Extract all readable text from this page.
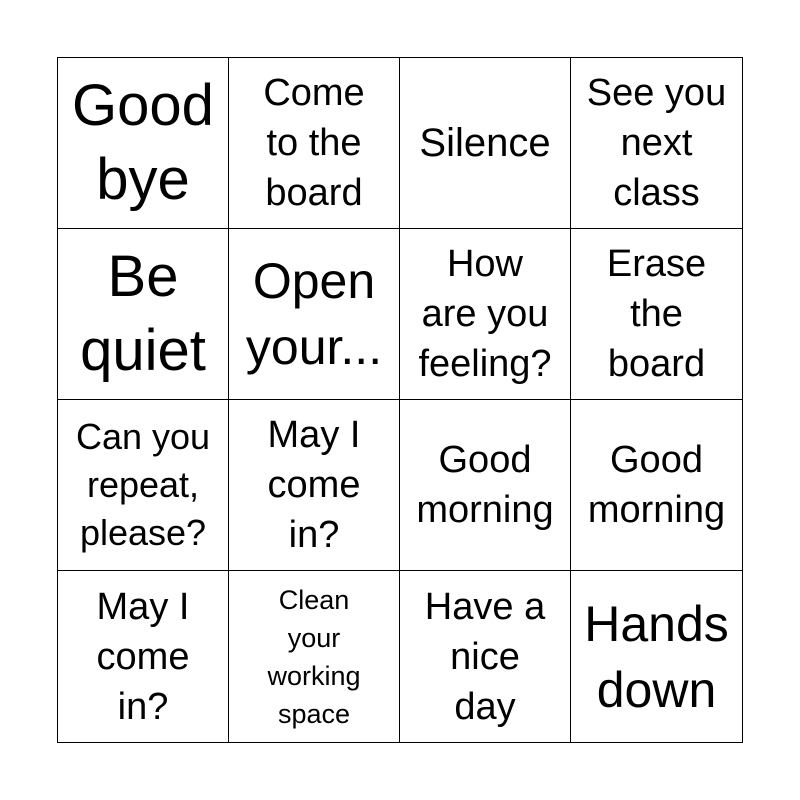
Good
bye
Come
to the
board
Silence
See you
next
class
Be
quiet
Open
your...
How
are you
feeling?
Erase
the
board
Can you
repeat,
please?
May I
come
in?
Good
morning
Good
morning
May I
come
in?
Clean
your
working
space
Have a
nice
day
Hands
down
